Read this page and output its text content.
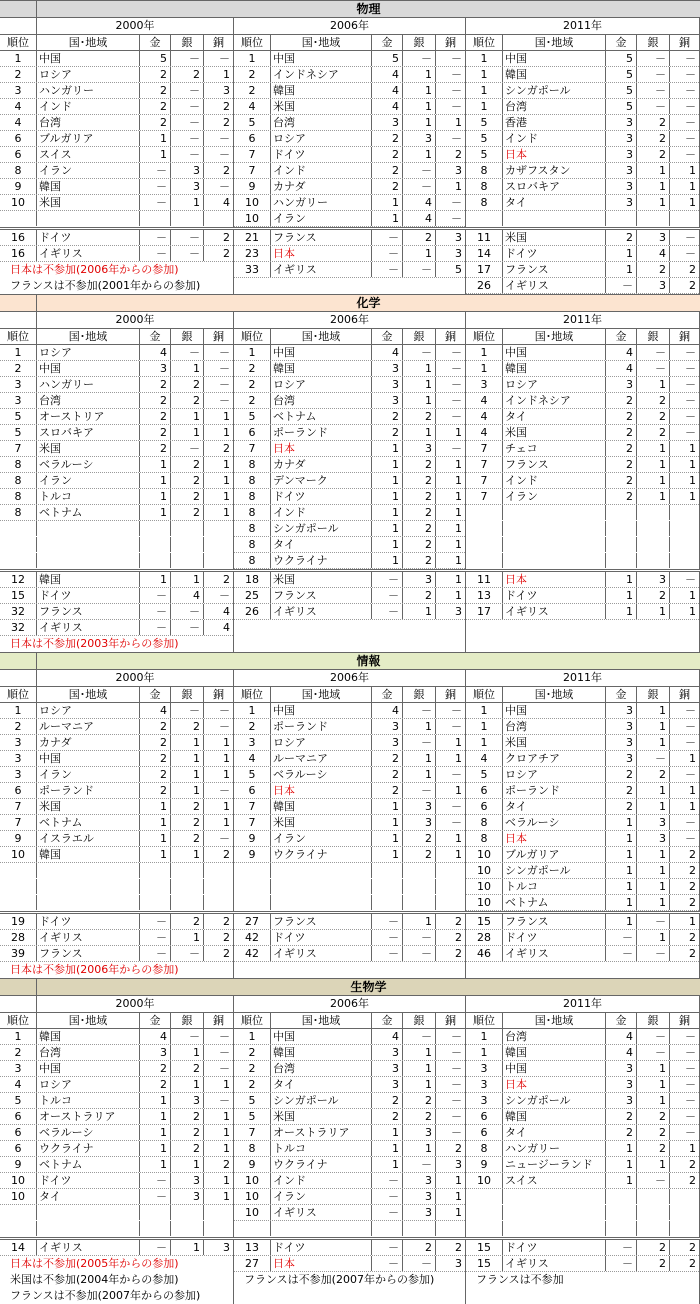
物理
2000年	2006年	2011年
順位	国･地域	金	銀	銅
1	中国	5	－	－
2	ロシア	2	2	1
3	ハンガリー	2	－	3
4	インド	2	－	2
4	台湾	2	－	2
6	ブルガリア	1	－	－
6	スイス	1	－	－
8	イラン	－	3	2
9	韓国	－	3	－
10	米国	－	1	4
順位	国･地域	金	銀	銅
1	中国	5	－	－
2	インドネシア	4	1	－
2	韓国	4	1	－
4	米国	4	1	－
5	台湾	3	1	1
6	ロシア	2	3	－
7	ドイツ	2	1	2
7	インド	2	－	3
9	カナダ	2	－	1
10	ハンガリー	1	4	－
10	イラン	1	4	－
順位	国･地域	金	銀	銅
1	中国	5	－	－
1	韓国	5	－	－
1	シンガポール	5	－	－
1	台湾	5	－	－
5	香港	3	2	－
5	インド	3	2	－
5	日本	3	2	－
8	カザフスタン	3	1	1
8	スロバキア	3	1	1
8	タイ	3	1	1
16	ドイツ	－	－	2
16	イギリス	－	－	2
日本は不参加(2006年からの参加)
フランスは不参加(2001年からの参加)
21	フランス	－	2	3
23	日本	－	1	3
33	イギリス	－	－	5
11	米国	2	3	－
14	ドイツ	1	4	－
17	フランス	1	2	2
26	イギリス	－	3	2
化学
2000年	2006年	2011年
順位	国･地域	金	銀	銅
1	ロシア	4	－	－
2	中国	3	1	－
3	ハンガリー	2	2	－
3	台湾	2	2	－
5	オーストリア	2	1	1
5	スロバキア	2	1	1
7	米国	2	－	2
8	ベラルーシ	1	2	1
8	イラン	1	2	1
8	トルコ	1	2	1
8	ベトナム	1	2	1
順位	国･地域	金	銀	銅
1	中国	4	－	－
2	韓国	3	1	－
2	ロシア	3	1	－
2	台湾	3	1	－
5	ベトナム	2	2	－
6	ポーランド	2	1	1
7	日本	1	3	－
8	カナダ	1	2	1
8	デンマーク	1	2	1
8	ドイツ	1	2	1
8	インド	1	2	1
8	シンガポール	1	2	1
8	タイ	1	2	1
8	ウクライナ	1	2	1
順位	国･地域	金	銀	銅
1	中国	4	－	－
1	韓国	4	－	－
3	ロシア	3	1	－
4	インドネシア	2	2	－
4	タイ	2	2	－
4	米国	2	2	－
7	チェコ	2	1	1
7	フランス	2	1	1
7	インド	2	1	1
7	イラン	2	1	1
12	韓国	1	1	2
15	ドイツ	－	4	－
32	フランス	－	－	4
32	イギリス	－	－	4
日本は不参加(2003年からの参加)
18	米国	－	3	1
25	フランス	－	2	1
26	イギリス	－	1	3
11	日本	1	3	－
13	ドイツ	1	2	1
17	イギリス	1	1	1
情報
2000年	2006年	2011年
順位	国･地域	金	銀	銅
1	ロシア	4	－	－
2	ルーマニア	2	2	－
3	カナダ	2	1	1
3	中国	2	1	1
3	イラン	2	1	1
6	ポーランド	2	1	－
7	米国	1	2	1
7	ベトナム	1	2	1
9	イスラエル	1	2	－
10	韓国	1	1	2
順位	国･地域	金	銀	銅
1	中国	4	－	－
2	ポーランド	3	1	－
3	ロシア	3	－	1
4	ルーマニア	2	1	1
5	ベラルーシ	2	1	－
6	日本	2	－	1
7	韓国	1	3	－
7	米国	1	3	－
9	イラン	1	2	1
9	ウクライナ	1	2	1
順位	国･地域	金	銀	銅
1	中国	3	1	－
1	台湾	3	1	－
1	米国	3	1	－
4	クロアチア	3	－	1
5	ロシア	2	2	－
6	ポーランド	2	1	1
6	タイ	2	1	1
8	ベラルーシ	1	3	－
8	日本	1	3	－
10	ブルガリア	1	1	2
10	シンガポール	1	1	2
10	トルコ	1	1	2
10	ベトナム	1	1	2
19	ドイツ	－	2	2
28	イギリス	－	1	2
39	フランス	－	－	2
日本は不参加(2006年からの参加)
27	フランス	－	1	2
42	ドイツ	－	－	2
42	イギリス	－	－	2
15	フランス	1	－	1
28	ドイツ	－	1	2
46	イギリス	－	－	2
生物学
2000年	2006年	2011年
順位	国･地域	金	銀	銅
1	韓国	4	－	－
2	台湾	3	1	－
3	中国	2	2	－
4	ロシア	2	1	1
5	トルコ	1	3	－
6	オーストラリア	1	2	1
6	ベラルーシ	1	2	1
6	ウクライナ	1	2	1
9	ベトナム	1	1	2
10	ドイツ	－	3	1
10	タイ	－	3	1
順位	国･地域	金	銀	銅
1	中国	4	－	－
2	韓国	3	1	－
2	台湾	3	1	－
2	タイ	3	1	－
5	シンガポール	2	2	－
5	米国	2	2	－
7	オーストラリア	1	3	－
8	トルコ	1	1	2
9	ウクライナ	1	－	3
10	インド	－	3	1
10	イラン	－	3	1
10	イギリス	－	3	1
順位	国･地域	金	銀	銅
1	台湾	4	－	－
1	韓国	4	－	－
3	中国	3	1	－
3	日本	3	1	－
3	シンガポール	3	1	－
6	韓国	2	2	－
6	タイ	2	2	－
8	ハンガリー	1	2	1
9	ニュージーランド	1	1	2
10	スイス	1	－	2
14	イギリス	－	1	3
日本は不参加(2005年からの参加)
米国は不参加(2004年からの参加)
フランスは不参加(2007年からの参加)
13	ドイツ	－	2	2
27	日本	－	－	3
フランスは不参加(2007年からの参加)
15	ドイツ	－	2	2
15	イギリス	－	2	2
フランスは不参加
